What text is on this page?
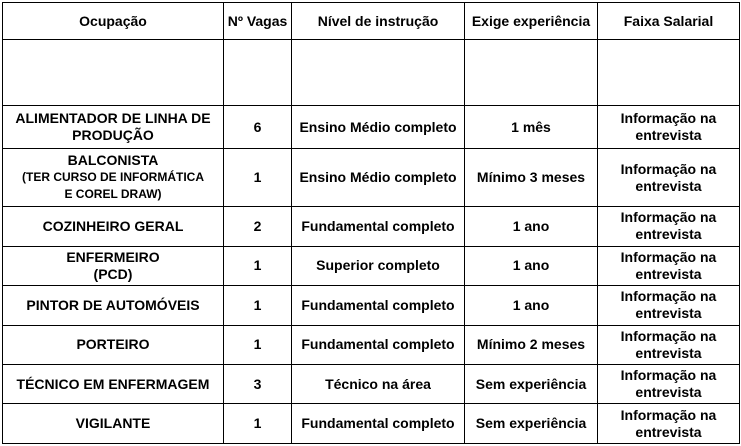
Ocupação	Nº Vagas	Nível de instrução	Exige experiência	Faixa Salarial

ALIMENTADOR DE LINHA DE
PRODUÇÃO	6	Ensino Médio completo	1 mês	Informação na
entrevista

BALCONISTA
(TER CURSO DE INFORMÁTICA
E COREL DRAW)	1	Ensino Médio completo	Mínimo 3 meses	Informação na
entrevista

COZINHEIRO GERAL	2	Fundamental completo	1 ano	Informação na
entrevista

ENFERMEIRO
(PCD)	1	Superior completo	1 ano	Informação na
entrevista

PINTOR DE AUTOMÓVEIS	1	Fundamental completo	1 ano	Informação na
entrevista

PORTEIRO	1	Fundamental completo	Mínimo 2 meses	Informação na
entrevista

TÉCNICO EM ENFERMAGEM	3	Técnico na área	Sem experiência	Informação na
entrevista

VIGILANTE	1	Fundamental completo	Sem experiência	Informação na
entrevista
